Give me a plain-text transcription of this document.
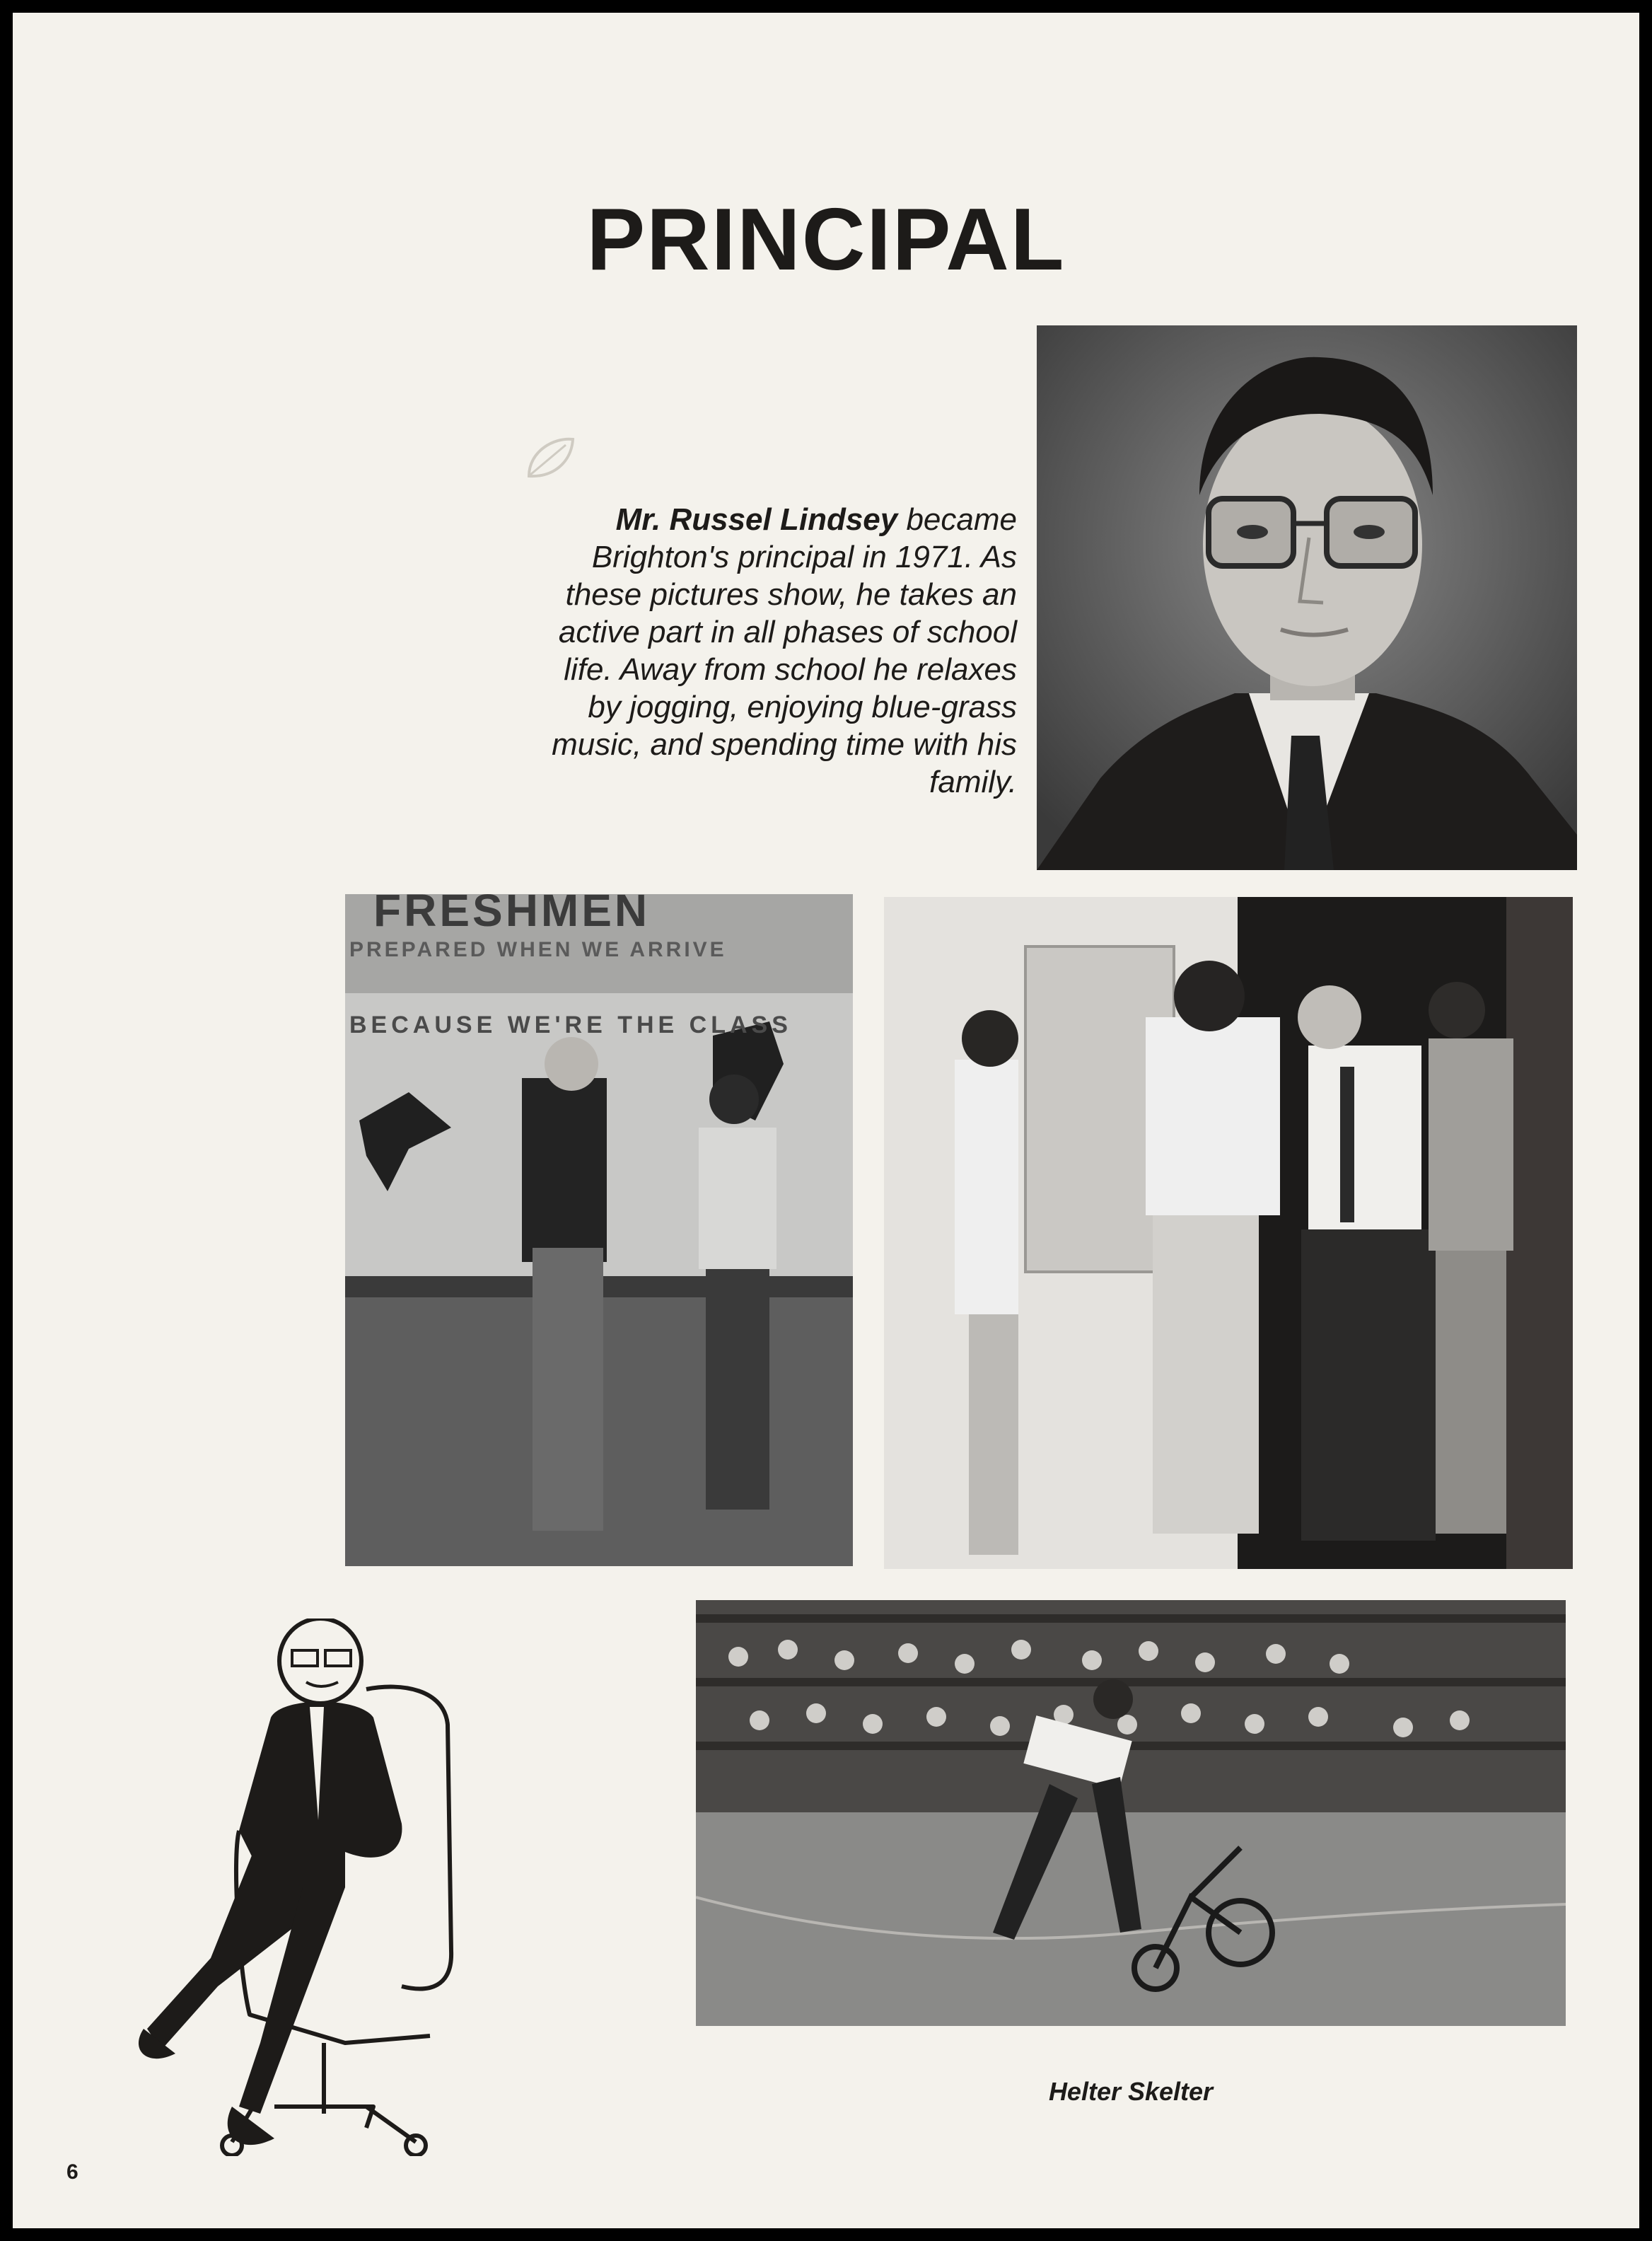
PRINCIPAL
Mr. Russel Lindsey became
Brighton's principal in 1971. As
these pictures show, he takes an
active part in all phases of school
life. Away from school he relaxes
by jogging, enjoying blue-grass
music, and spending time with his
family.
FRESHMEN
PREPARED WHEN WE ARRIVE
BECAUSE WE'RE THE CLASS
Helter Skelter
6
